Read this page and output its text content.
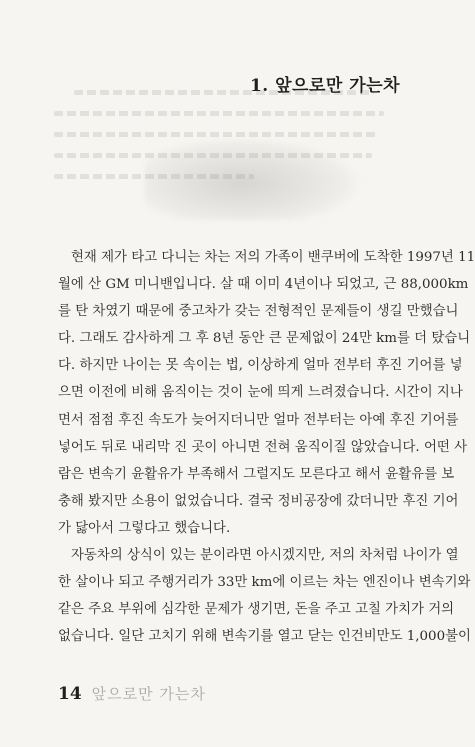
1. 앞으로만 가는차
현재 제가 타고 다니는 차는 저의 가족이 밴쿠버에 도착한 1997년 11
월에 산 GM 미니밴입니다. 살 때 이미 4년이나 되었고, 근 88,000km
를 탄 차였기 때문에 중고차가 갖는 전형적인 문제들이 생길 만했습니
다. 그래도 감사하게 그 후 8년 동안 큰 문제없이 24만 km를 더 탔습니
다. 하지만 나이는 못 속이는 법, 이상하게 얼마 전부터 후진 기어를 넣
으면 이전에 비해 움직이는 것이 눈에 띄게 느려졌습니다. 시간이 지나
면서 점점 후진 속도가 늦어지더니만 얼마 전부터는 아예 후진 기어를
넣어도 뒤로 내리막 진 곳이 아니면 전혀 움직이질 않았습니다. 어떤 사
람은 변속기 윤활유가 부족해서 그럴지도 모른다고 해서 윤활유를 보
충해 봤지만 소용이 없었습니다. 결국 정비공장에 갔더니만 후진 기어
가 닳아서 그렇다고 했습니다.
자동차의 상식이 있는 분이라면 아시겠지만, 저의 차처럼 나이가 열
한 살이나 되고 주행거리가 33만 km에 이르는 차는 엔진이나 변속기와
같은 주요 부위에 심각한 문제가 생기면, 돈을 주고 고칠 가치가 거의
없습니다. 일단 고치기 위해 변속기를 열고 닫는 인건비만도 1,000불이
14 앞으로만 가는차
